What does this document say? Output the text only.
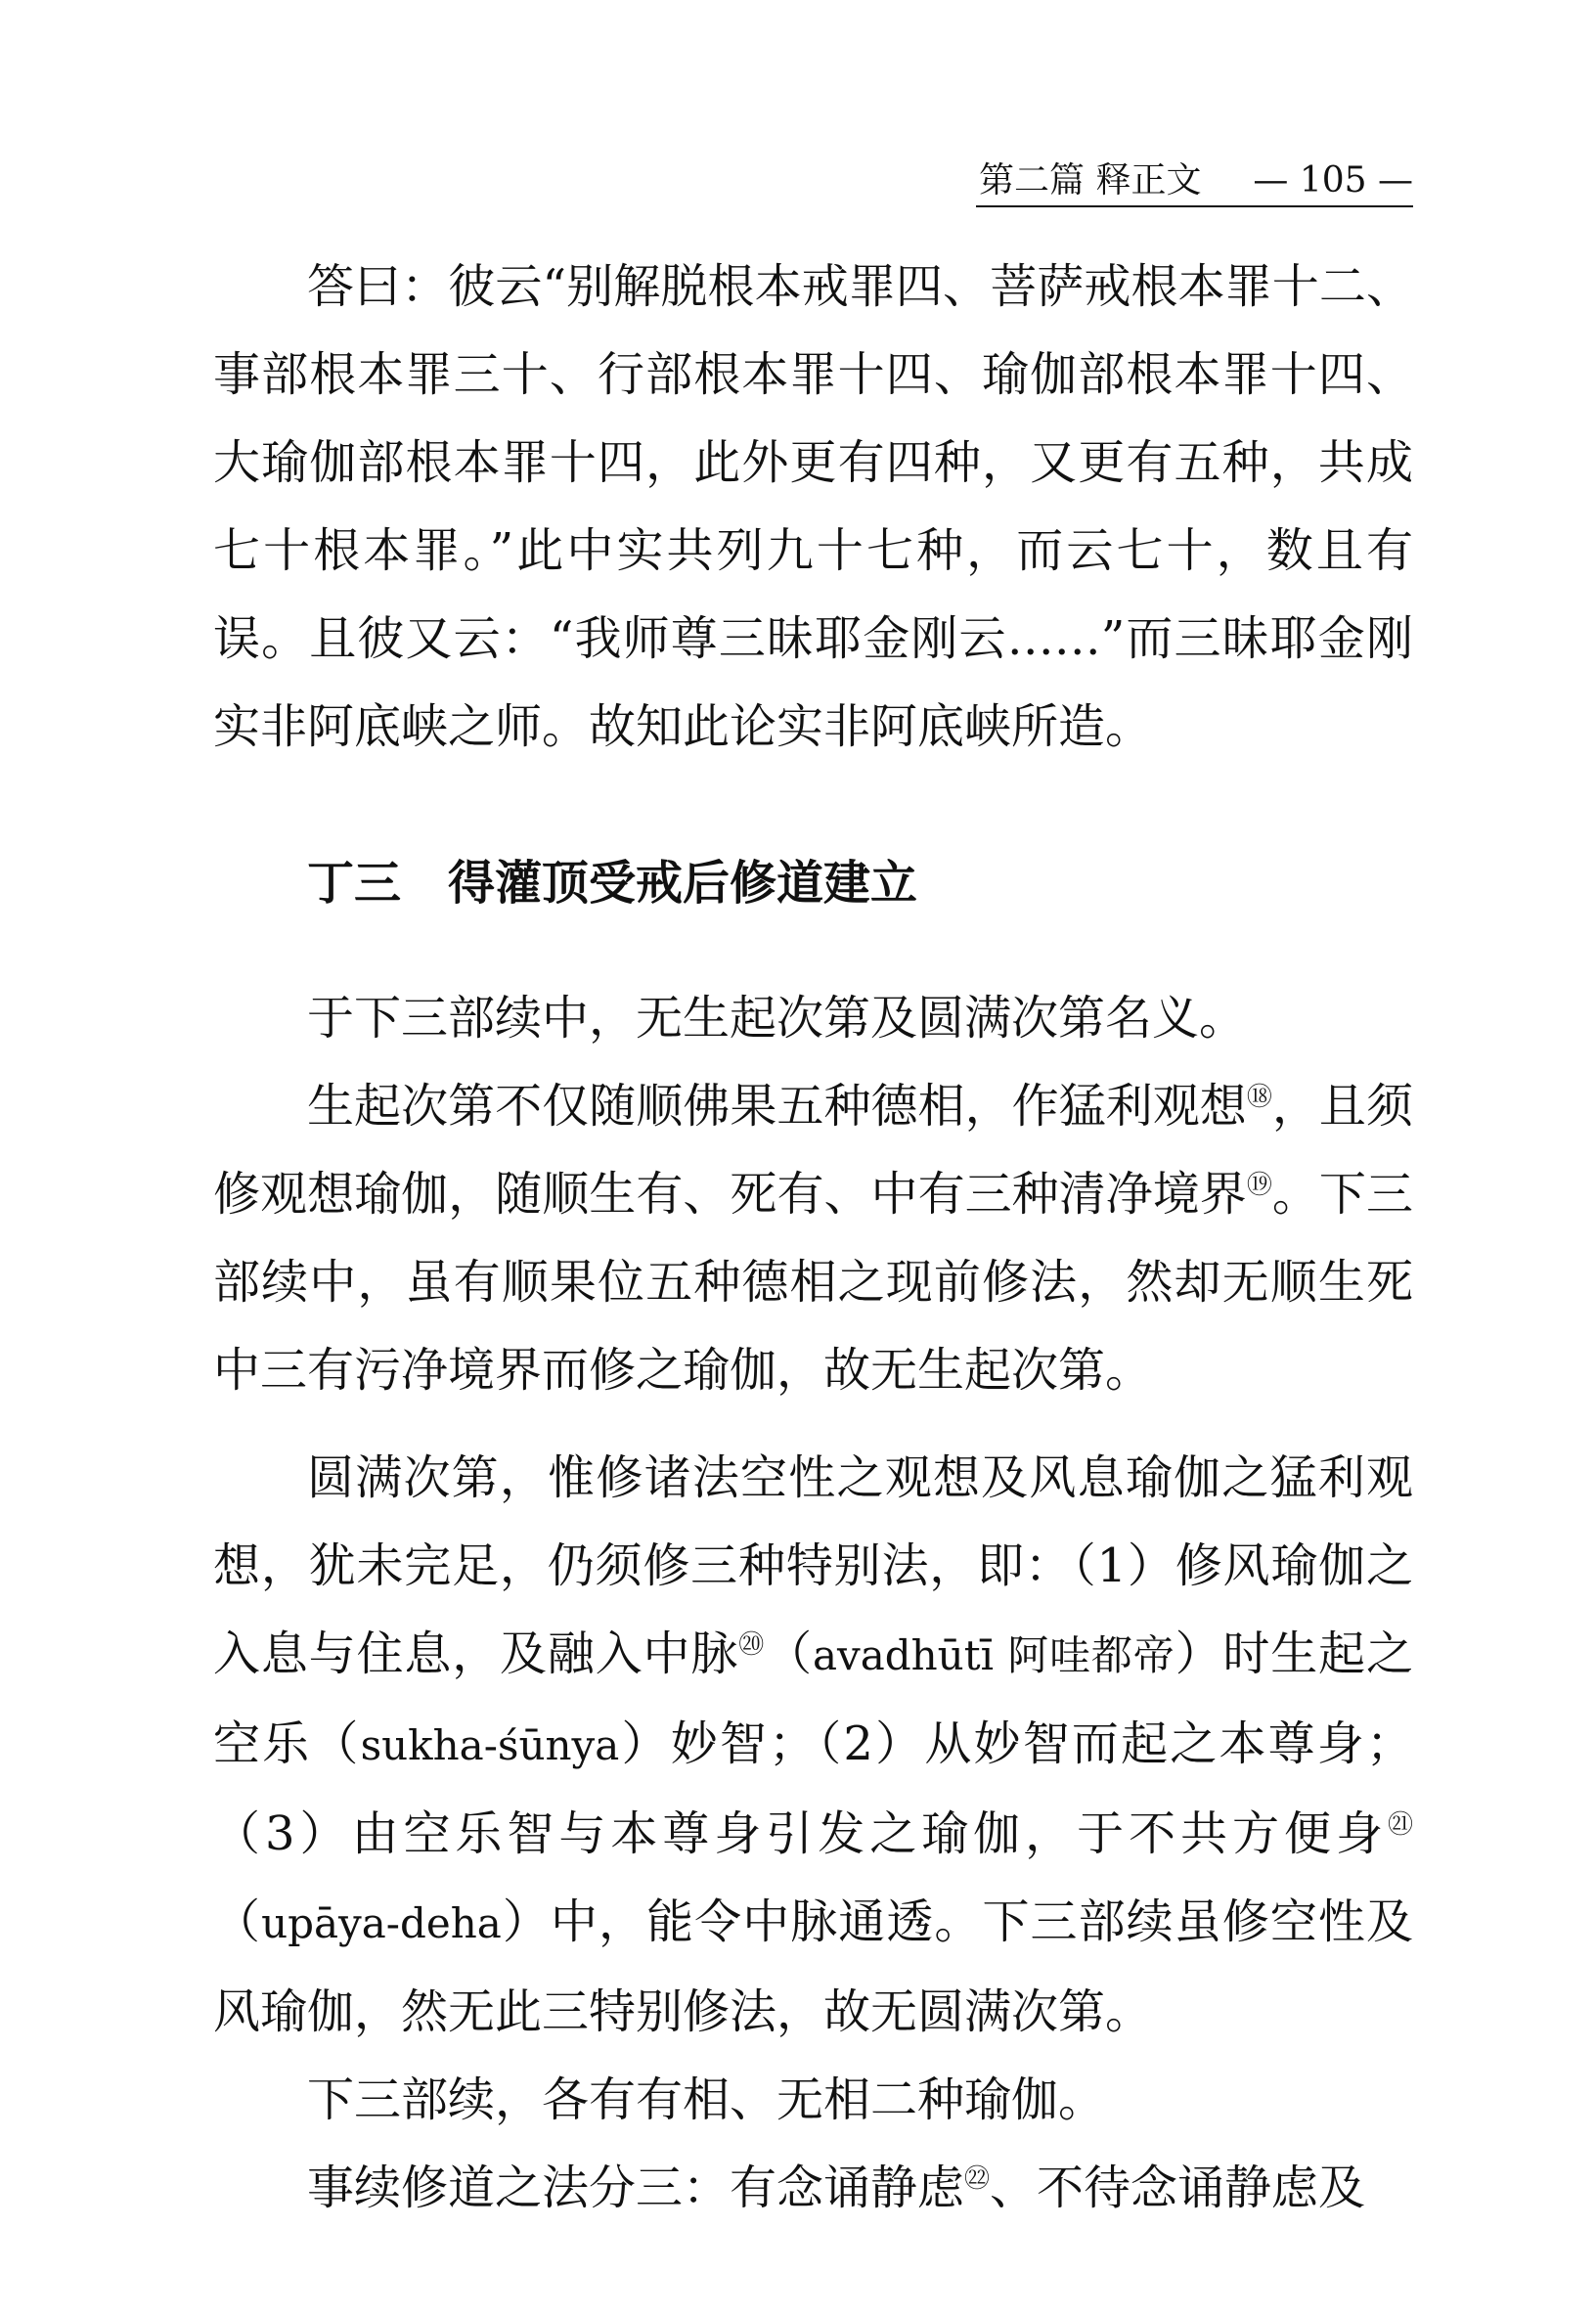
第二篇 释正文 — 105 —

答曰：彼云“别解脱根本戒罪四、菩萨戒根本罪十二、事部根本罪三十、行部根本罪十四、瑜伽部根本罪十四、大瑜伽部根本罪十四，此外更有四种，又更有五种，共成七十根本罪。”此中实共列九十七种，而云七十，数且有误。且彼又云：“我师尊三昧耶金刚云……”而三昧耶金刚实非阿底峡之师。故知此论实非阿底峡所造。

丁三　得灌顶受戒后修道建立

于下三部续中，无生起次第及圆满次第名义。

生起次第不仅随顺佛果五种德相，作猛利观想⑱，且须修观想瑜伽，随顺生有、死有、中有三种清净境界⑲。下三部续中，虽有顺果位五种德相之现前修法，然却无顺生死中三有污净境界而修之瑜伽，故无生起次第。

圆满次第，惟修诸法空性之观想及风息瑜伽之猛利观想，犹未完足，仍须修三种特别法，即：（1）修风瑜伽之入息与住息，及融入中脉⑳（avadhūtī 阿哇都帝）时生起之空乐（sukha-śūnya）妙智；（2）从妙智而起之本尊身；（3）由空乐智与本尊身引发之瑜伽，于不共方便身$^㉑$（upāya-deha）中，能令中脉通透。下三部续虽修空性及风瑜伽，然无此三特别修法，故无圆满次第。

下三部续，各有有相、无相二种瑜伽。

事续修道之法分三：有念诵静虑$^㉒$、不待念诵静虑及
